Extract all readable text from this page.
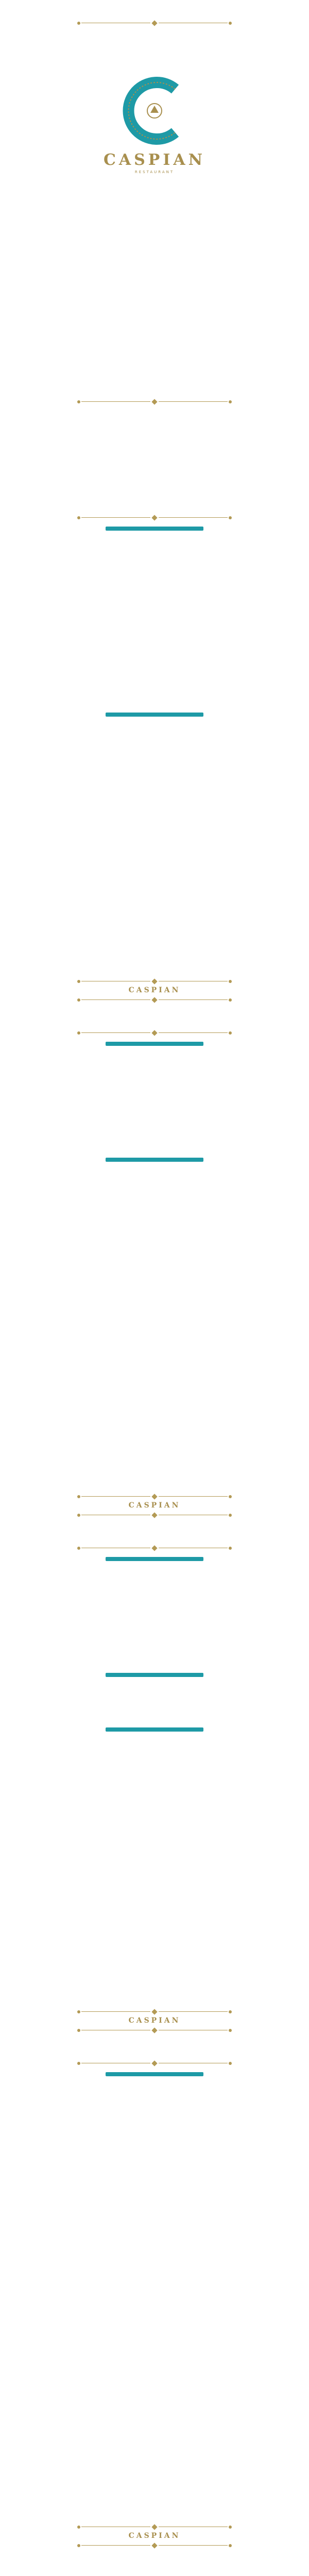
CASPIAN
RESTAURANT
CASPIAN
CASPIAN
CASPIAN
CASPIAN
